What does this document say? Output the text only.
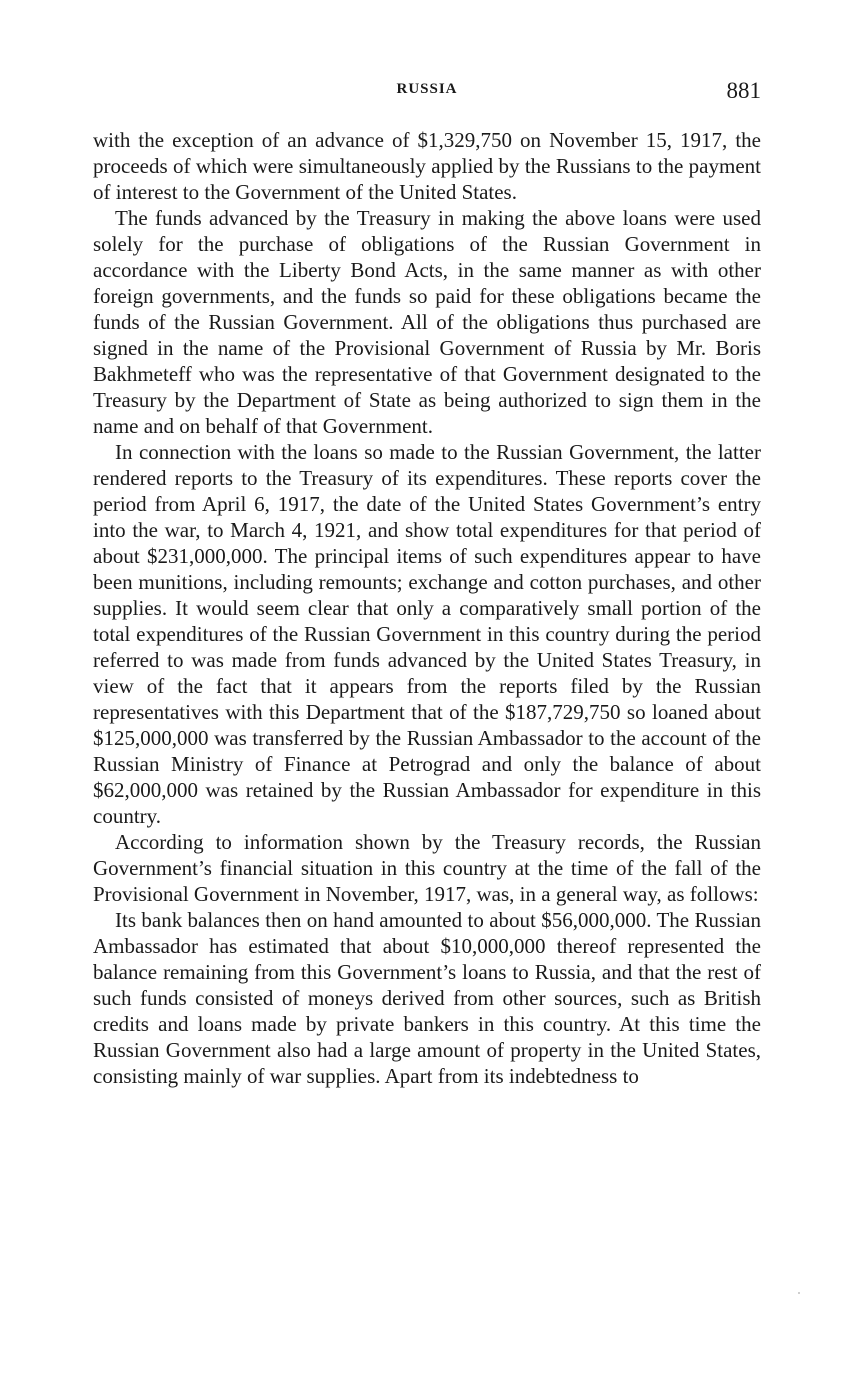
RUSSIA	881

with the exception of an advance of $1,329,750 on November 15, 1917, the proceeds of which were simultaneously applied by the Russians to the payment of interest to the Government of the United States.

The funds advanced by the Treasury in making the above loans were used solely for the purchase of obligations of the Russian Government in accordance with the Liberty Bond Acts, in the same manner as with other foreign governments, and the funds so paid for these obligations became the funds of the Russian Government. All of the obligations thus purchased are signed in the name of the Provisional Government of Russia by Mr. Boris Bakhmeteff who was the representative of that Government designated to the Treasury by the Department of State as being authorized to sign them in the name and on behalf of that Government.

In connection with the loans so made to the Russian Government, the latter rendered reports to the Treasury of its expenditures. These reports cover the period from April 6, 1917, the date of the United States Government’s entry into the war, to March 4, 1921, and show total expenditures for that period of about $231,000,000. The principal items of such expenditures appear to have been munitions, including remounts; exchange and cotton purchases, and other supplies. It would seem clear that only a comparatively small portion of the total expenditures of the Russian Government in this country during the period referred to was made from funds advanced by the United States Treasury, in view of the fact that it appears from the reports filed by the Russian representatives with this Department that of the $187,729,750 so loaned about $125,000,000 was transferred by the Russian Ambassador to the account of the Russian Ministry of Finance at Petrograd and only the balance of about $62,000,000 was retained by the Russian Ambassador for expenditure in this country.

According to information shown by the Treasury records, the Russian Government’s financial situation in this country at the time of the fall of the Provisional Government in November, 1917, was, in a general way, as follows:

Its bank balances then on hand amounted to about $56,000,000. The Russian Ambassador has estimated that about $10,000,000 thereof represented the balance remaining from this Government’s loans to Russia, and that the rest of such funds consisted of moneys derived from other sources, such as British credits and loans made by private bankers in this country. At this time the Russian Government also had a large amount of property in the United States, consisting mainly of war supplies. Apart from its indebtedness to
